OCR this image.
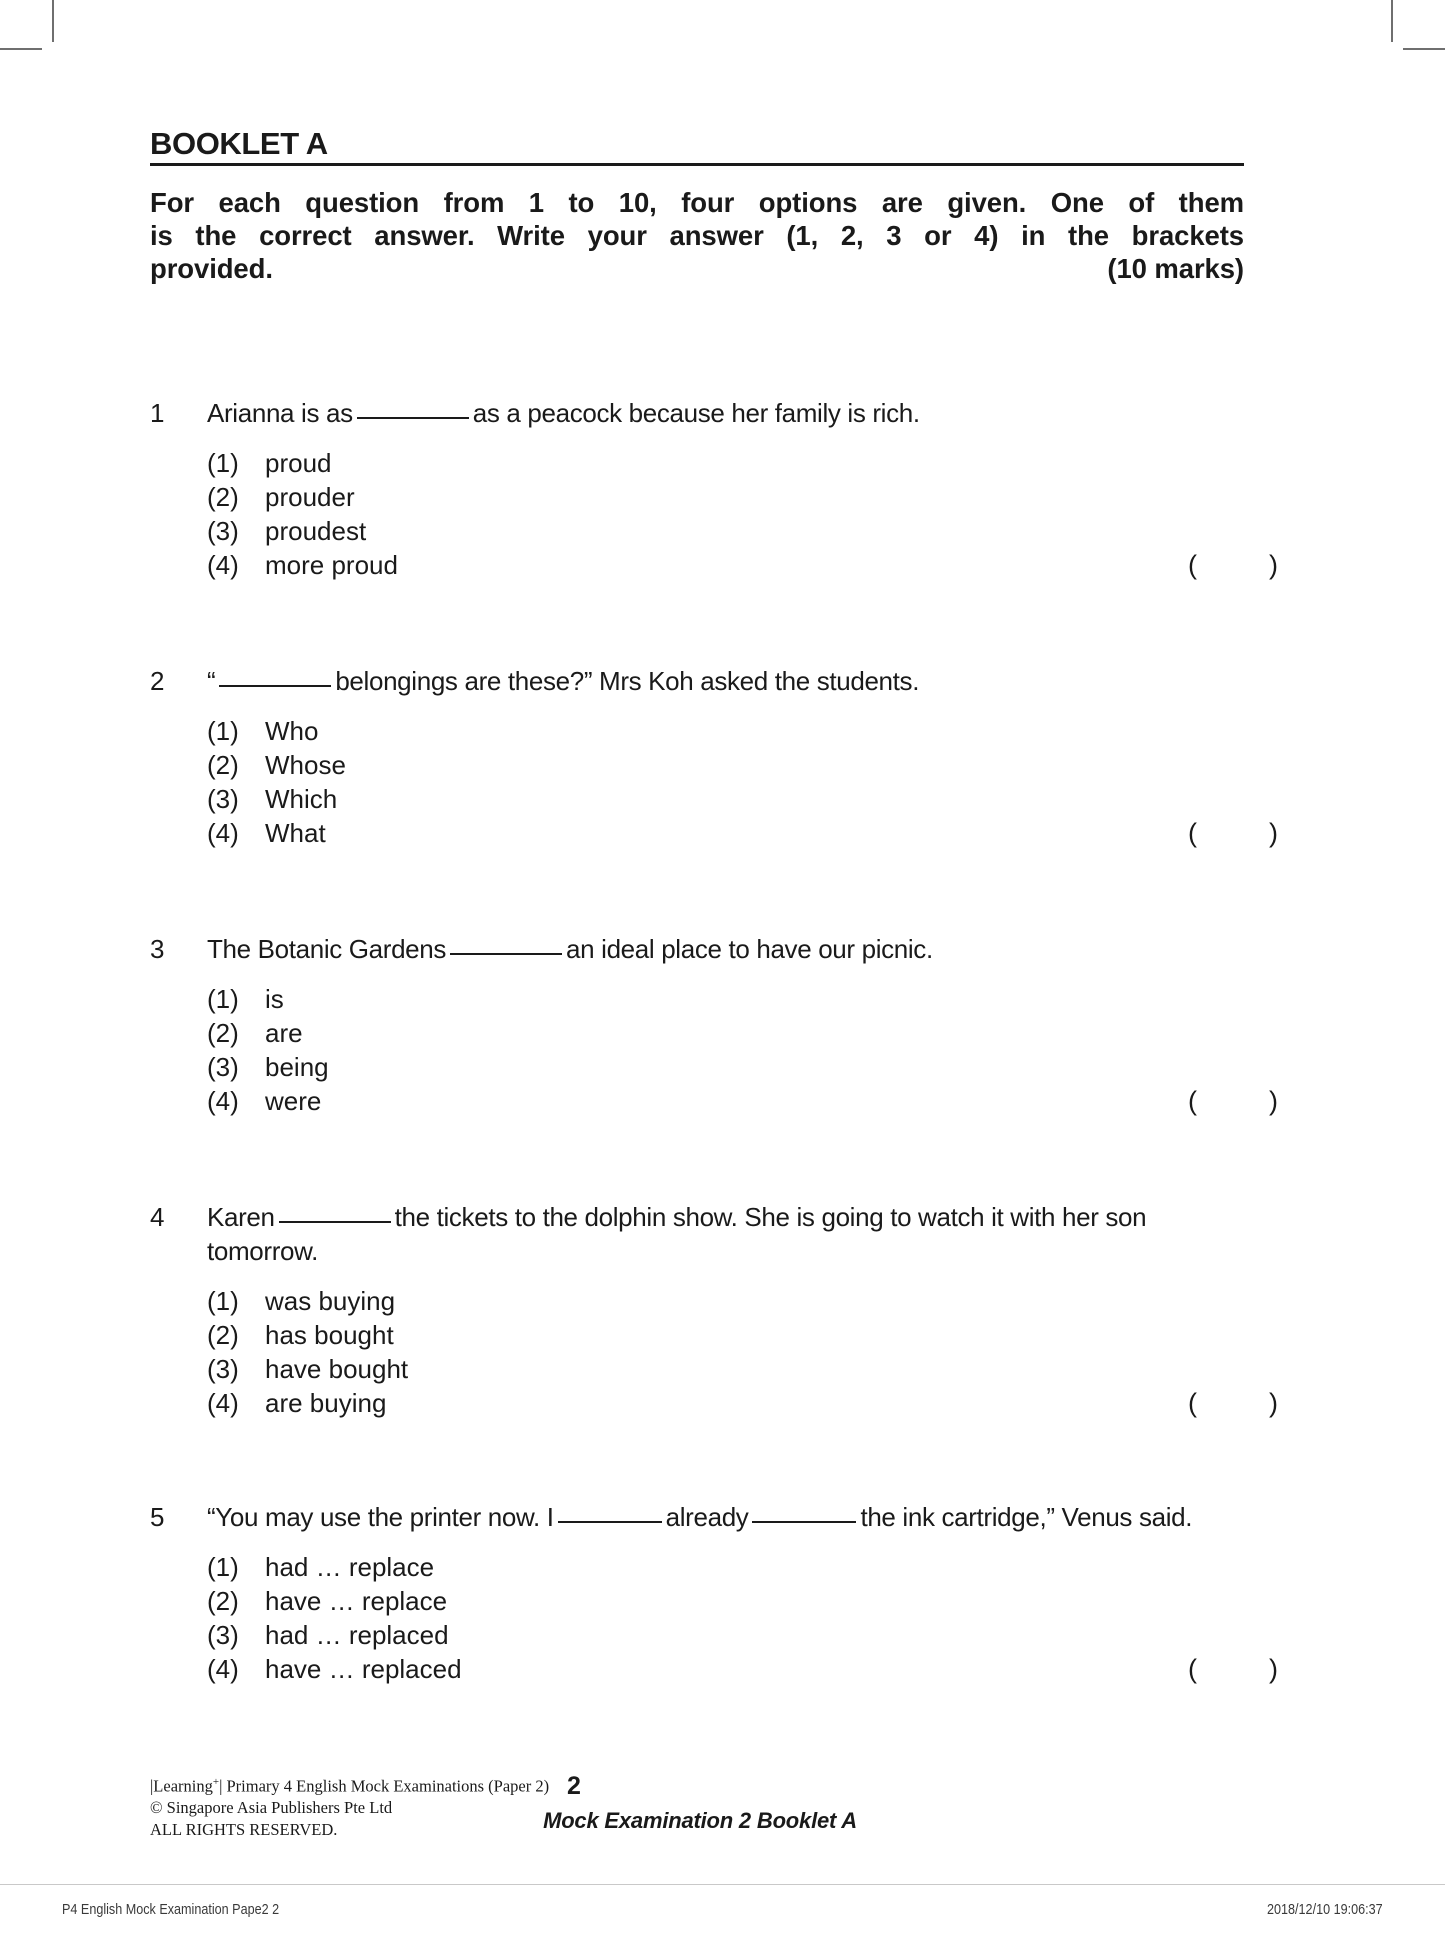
BOOKLET A
For each question from 1 to 10, four options are given. One of them
is the correct answer. Write your answer (1, 2, 3 or 4) in the brackets
provided.	(10 marks)
1 Arianna is as	as a peacock because her family is rich.
(1) proud
(2) prouder
(3) proudest
(4) more proud	(	)
2 “	belongings are these?” Mrs Koh asked the students.
(1) Who
(2) Whose
(3) Which
(4) What	(	)
3 The Botanic Gardens	an ideal place to have our picnic.
(1) is
(2) are
(3) being
(4) were	(	)
4 Karen	the tickets to the dolphin show. She is going to watch it with her son tomorrow.
(1) was buying
(2) has bought
(3) have bought
(4) are buying	(	)
5 “You may use the printer now. I	already	the ink cartridge,” Venus said.
(1) had … replace
(2) have … replace
(3) had … replaced
(4) have … replaced	(	)
|Learning+| Primary 4 English Mock Examinations (Paper 2)
© Singapore Asia Publishers Pte Ltd
ALL RIGHTS RESERVED.
2
Mock Examination 2 Booklet A
P4 English Mock Examination Pape2 2	2018/12/10 19:06:37
